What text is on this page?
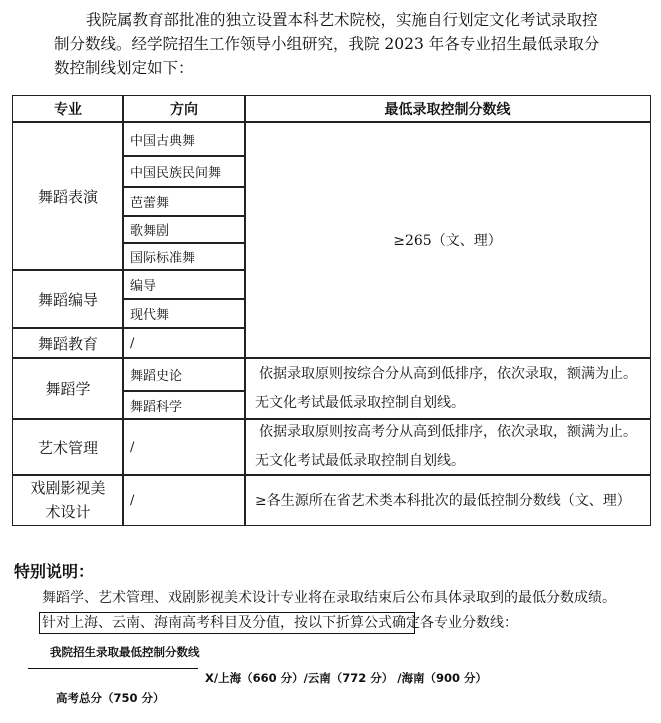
我院属教育部批准的独立设置本科艺术院校，实施自行划定文化考试录取控
制分数线。经学院招生工作领导小组研究，我院 2023 年各专业招生最低录取分
数控制线划定如下：
专业	方向	最低录取控制分数线
舞蹈表演
舞蹈编导
舞蹈教育
舞蹈学
艺术管理
戏剧影视美术设计
中国古典舞
中国民族民间舞
芭蕾舞
歌舞剧
国际标准舞
编导
现代舞
/
舞蹈史论
舞蹈科学
/
/
≥265（文、理）
依据录取原则按综合分从高到低排序，依次录取，额满为止。
无文化考试最低录取控制自划线。
依据录取原则按高考分从高到低排序，依次录取，额满为止。
无文化考试最低录取控制自划线。
≥各生源所在省艺术类本科批次的最低控制分数线（文、理）
特别说明：
舞蹈学、艺术管理、戏剧影视美术设计专业将在录取结束后公布具体录取到的最低分数成绩。
针对上海、云南、海南高考科目及分值，按以下折算公式确定各专业分数线：
我院招生录取最低控制分数线
X/上海（660 分）/云南（772 分） /海南（900 分）
高考总分（750 分）
